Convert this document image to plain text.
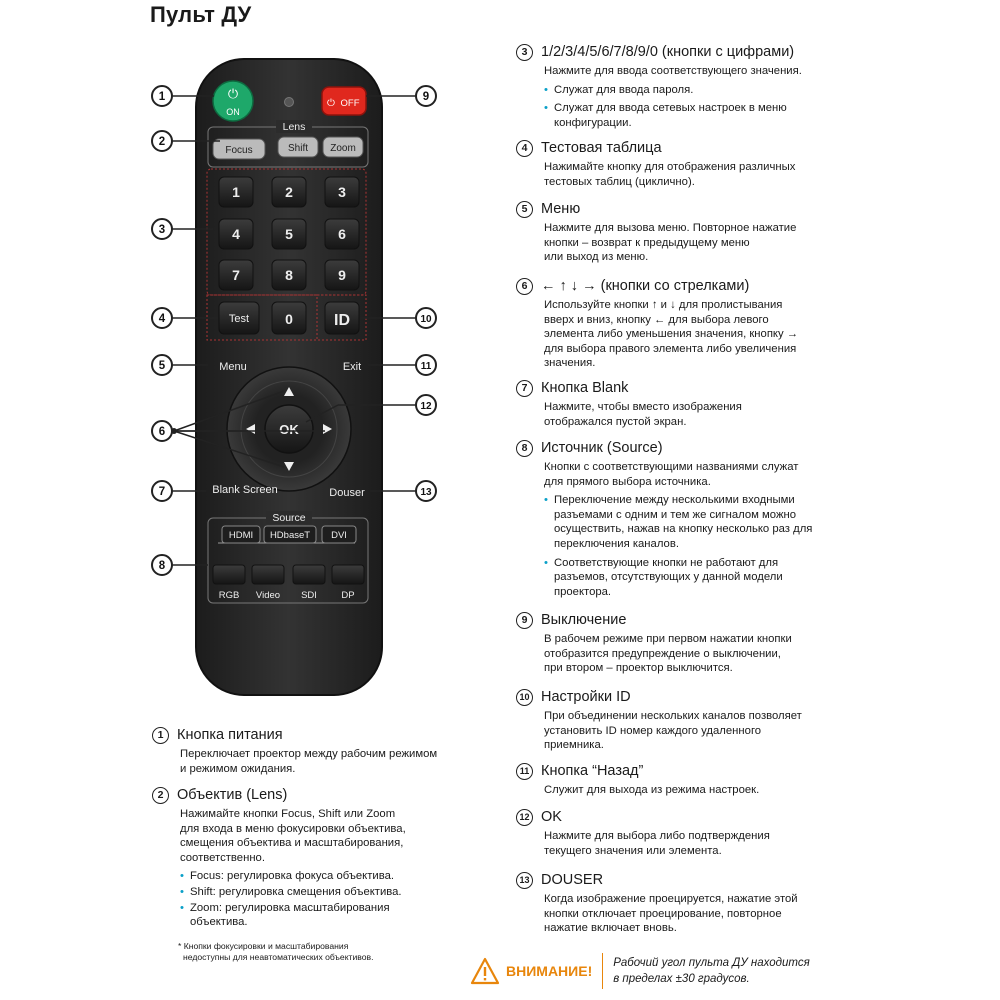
Пульт ДУ
⏻
ON
⏻ OFF
Lens
Focus	Shift Zoom
1	2	3
4	5	6
7	8	9
Test	0	ID
Menu	Exit
OK
Blank Screen	Douser
Source
HDMI HDbaseT DVI
RGB Video SDI	DP
1
2
3
4
5
6
7
8
9
10
11
12
13
1 Кнопка питания

Переключает проектор между рабочим режимом

и режимом ожидания.

2 Объектив (Lens)

Нажимайте кнопки Focus, Shift или Zoom

для входа в меню фокусировки объектива,

смещения объектива и масштабирования,

соответственно.

• Focus: регулировка фокуса объектива.
• Shift: регулировка смещения объектива.
• Zoom: регулировка масштабирования объектива.
* Кнопки фокусировки и масштабирования
недоступны для неавтоматических объективов.
3 1/2/3/4/5/6/7/8/9/0 (кнопки с цифрами)

Нажмите для ввода соответствующего значения.

• Служат для ввода пароля.
• Служат для ввода сетевых настроек в меню конфигурации.
4 Тестовая таблица

Нажимайте кнопку для отображения различных

тестовых таблиц (циклично).

5 Меню

Нажмите для вызова меню. Повторное нажатие

кнопки – возврат к предыдущему меню

или выход из меню.

6 ← ↑ ↓ → (кнопки со стрелками)

Используйте кнопки ↑ и ↓ для пролистывания

вверх и вниз, кнопку ← для выбора левого

элемента либо уменьшения значения, кнопку →

для выбора правого элемента либо увеличения

значения.

7 Кнопка Blank

Нажмите, чтобы вместо изображения

отображался пустой экран.

8 Источник (Source)

Кнопки с соответствующими названиями служат

для прямого выбора источника.

• Переключение между несколькими входными разъемами с одним и тем же сигналом можно осуществить, нажав на кнопку несколько раз для переключения каналов.
• Соответствующие кнопки не работают для разъемов, отсутствующих у данной модели проектора.
9 Выключение

В рабочем режиме при первом нажатии кнопки

отобразится предупреждение о выключении,

при втором – проектор выключится.

10 Настройки ID

При объединении нескольких каналов позволяет

установить ID номер каждого удаленного

приемника.

11 Кнопка “Назад”

Служит для выхода из режима настроек.

12 OK

Нажмите для выбора либо подтверждения

текущего значения или элемента.

13 DOUSER

Когда изображение проецируется, нажатие этой

кнопки отключает проецирование, повторное

нажатие включает вновь.

ВНИМАНИЕ! Рабочий угол пульта ДУ находится
в пределах ±30 градусов.
